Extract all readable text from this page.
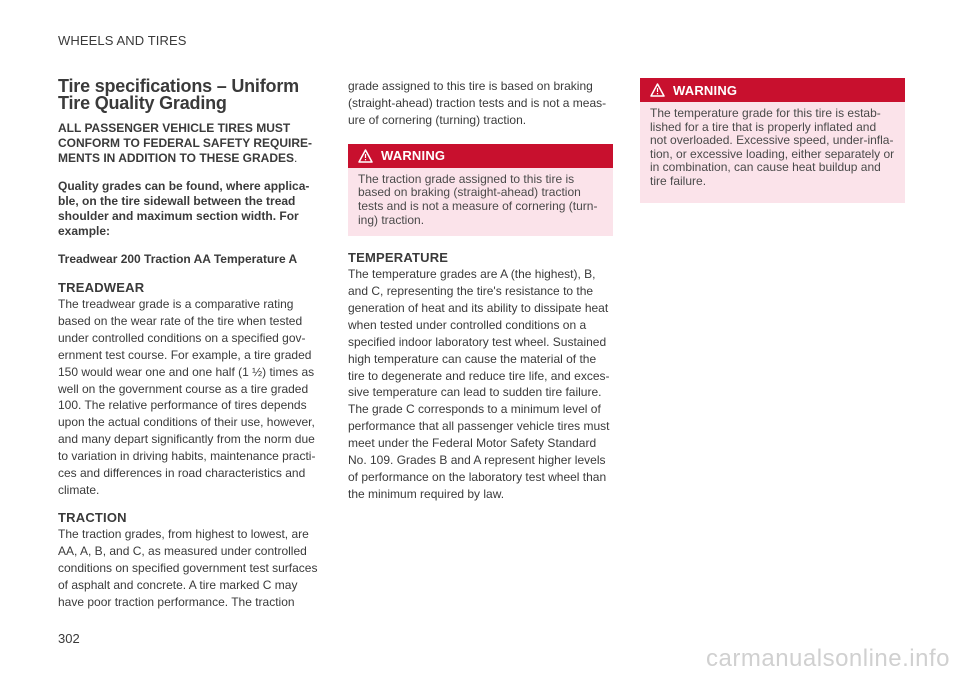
WHEELS AND TIRES
Tire specifications – Uniform Tire Quality Grading
ALL PASSENGER VEHICLE TIRES MUST CONFORM TO FEDERAL SAFETY REQUIRE-MENTS IN ADDITION TO THESE GRADES.
Quality grades can be found, where applica-ble, on the tire sidewall between the tread shoulder and maximum section width. For example:
Treadwear 200 Traction AA Temperature A
TREADWEAR

The treadwear grade is a comparative rating based on the wear rate of the tire when tested under controlled conditions on a specified gov-ernment test course. For example, a tire graded 150 would wear one and one half (1 ½) times as well on the government course as a tire graded 100. The relative performance of tires depends upon the actual conditions of their use, however, and many depart significantly from the norm due to variation in driving habits, maintenance practi-ces and differences in road characteristics and climate.

TRACTION

The traction grades, from highest to lowest, are AA, A, B, and C, as measured under controlled conditions on specified government test surfaces of asphalt and concrete. A tire marked C may have poor traction performance. The traction

grade assigned to this tire is based on braking (straight-ahead) traction tests and is not a meas-ure of cornering (turning) traction.

WARNING
The traction grade assigned to this tire is based on braking (straight-ahead) traction tests and is not a measure of cornering (turn-ing) traction.
TEMPERATURE

The temperature grades are A (the highest), B, and C, representing the tire's resistance to the generation of heat and its ability to dissipate heat when tested under controlled conditions on a specified indoor laboratory test wheel. Sustained high temperature can cause the material of the tire to degenerate and reduce tire life, and exces-sive temperature can lead to sudden tire failure. The grade C corresponds to a minimum level of performance that all passenger vehicle tires must meet under the Federal Motor Safety Standard No. 109. Grades B and A represent higher levels of performance on the laboratory test wheel than the minimum required by law.

WARNING
The temperature grade for this tire is estab-lished for a tire that is properly inflated and not overloaded. Excessive speed, under-infla-tion, or excessive loading, either separately or in combination, can cause heat buildup and tire failure.
302
carmanualsonline.info
